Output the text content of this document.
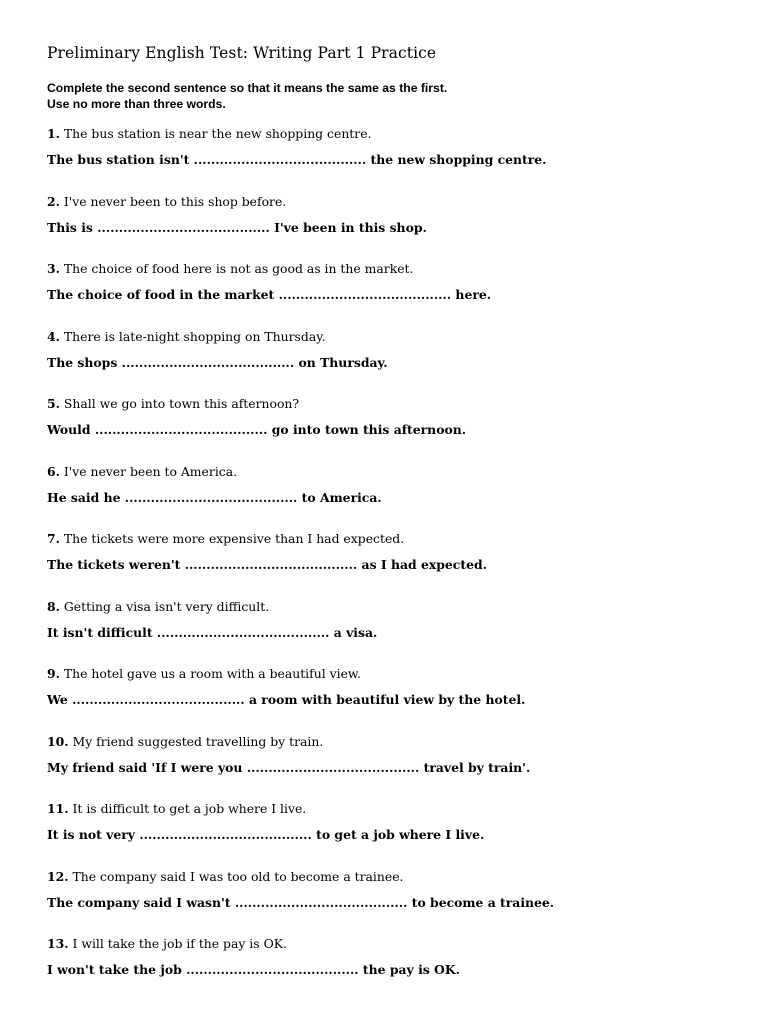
Preliminary English Test: Writing Part 1 Practice
Complete the second sentence so that it means the same as the first.
Use no more than three words.
1. The bus station is near the new shopping centre.
The bus station isn't ........................................ the new shopping centre.
2. I've never been to this shop before.
This is ........................................ I've been in this shop.
3. The choice of food here is not as good as in the market.
The choice of food in the market ........................................ here.
4. There is late-night shopping on Thursday.
The shops ........................................ on Thursday.
5. Shall we go into town this afternoon?
Would ........................................ go into town this afternoon.
6. I've never been to America.
He said he ........................................ to America.
7. The tickets were more expensive than I had expected.
The tickets weren't ........................................ as I had expected.
8. Getting a visa isn't very difficult.
It isn't difficult ........................................ a visa.
9. The hotel gave us a room with a beautiful view.
We ........................................ a room with beautiful view by the hotel.
10. My friend suggested travelling by train.
My friend said 'If I were you ........................................ travel by train'.
11. It is difficult to get a job where I live.
It is not very ........................................ to get a job where I live.
12. The company said I was too old to become a trainee.
The company said I wasn't ........................................ to become a trainee.
13. I will take the job if the pay is OK.
I won't take the job ........................................ the pay is OK.
